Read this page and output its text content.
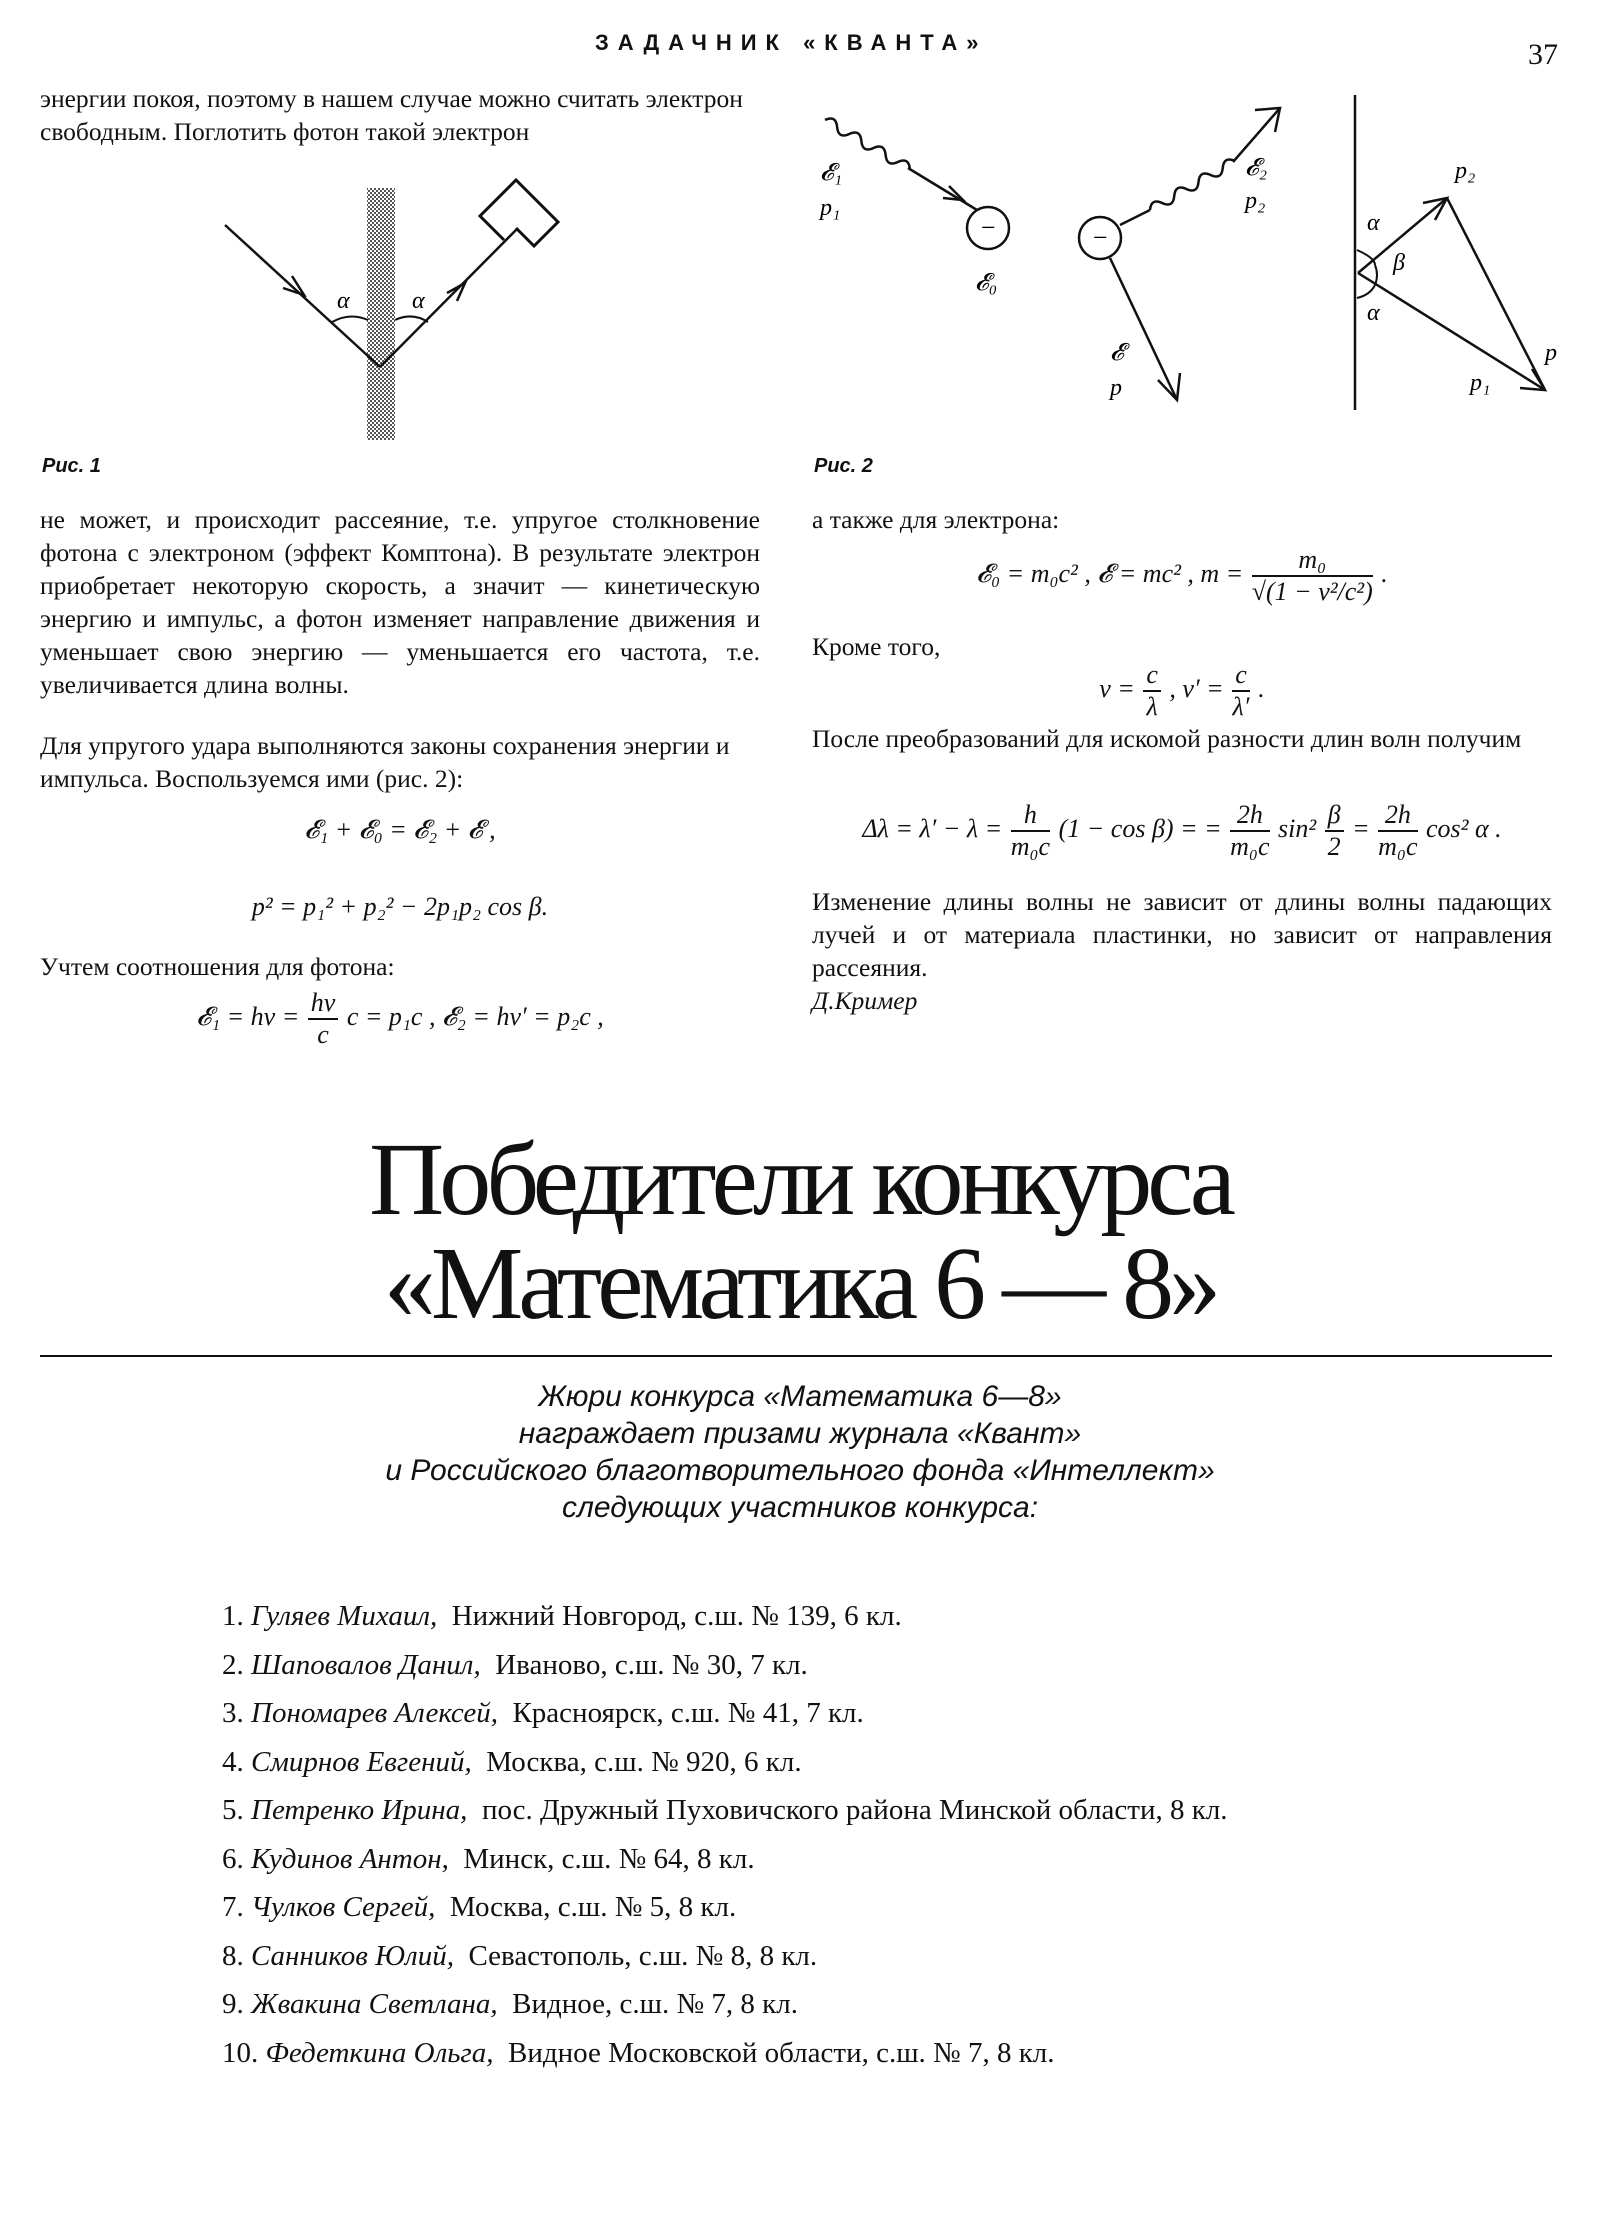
ЗАДАЧНИК «КВАНТА»	37
энергии покоя, поэтому в нашем случае можно считать электрон свободным. Поглотить фотон такой электрон
α	α
Рис. 1
не может, и происходит рассеяние, т.е. упругое столкновение фотона с электроном (эффект Комптона). В результате электрон приобретает некоторую скорость, а значит — кинетическую энергию и импульс, а фотон изменяет направление движения и уменьшает свою энергию — уменьшается его частота, т.е. увеличивается длина волны.
Для упругого удара выполняются законы сохранения энергии и импульса. Воспользуемся ими (рис. 2):
𝓔₁ + 𝓔₀ = 𝓔₂ + 𝓔 ,
p² = p₁² + p₂² − 2p₁p₂ cos β.
Учтем соотношения для фотона:
𝓔₁ = $h\nu = \frac{h\nu}{c}$ c = p₁c , 𝓔₂ = hν′ = p₂c ,
𝓔₁
p₁
−
𝓔₀
−
𝓔
p
𝓔₂
p₂
α
β
α
p₂
p₁
p
Рис. 2
а также для электрона:
𝓔₀ = m₀c² , 𝓔 = mc² , $m = \frac{\text{m₀}}{\text{√(1 − v²/c²)}}$ .
Кроме того,
$\nu = \frac{c}{\lambda}$ , $\nu' = \frac{c}{\lambda'}$ .
После преобразований для искомой разности длин волн получим
$\Delta\lambda = \lambda' - \lambda = \frac{h}{\text{m₀c}} (1 - \cos \beta)$ = = $\frac{2h}{\text{m₀c}} \sin^2 \frac{\beta}{2} = \frac{2h}{\text{m₀c}} \cos^2$ α .
Изменение длины волны не зависит от длины волны падающих лучей и от материала пластинки, но зависит от направления рассеяния.
Д.Кример
Победители конкурса
«Математика 6 — 8»
Жюри конкурса «Математика 6—8»
награждает призами журнала «Квант»
и Российского благотворительного фонда «Интеллект»
следующих участников конкурса:
1. Гуляев Михаил, Нижний Новгород, с.ш. № 139, 6 кл.
2. Шаповалов Данил, Иваново, с.ш. № 30, 7 кл.
3. Пономарев Алексей, Красноярск, с.ш. № 41, 7 кл.
4. Смирнов Евгений, Москва, с.ш. № 920, 6 кл.
5. Петренко Ирина, пос. Дружный Пуховичского района Минской области, 8 кл.
6. Кудинов Антон, Минск, с.ш. № 64, 8 кл.
7. Чулков Сергей, Москва, с.ш. № 5, 8 кл.
8. Санников Юлий, Севастополь, с.ш. № 8, 8 кл.
9. Жвакина Светлана, Видное, с.ш. № 7, 8 кл.
10. Федеткина Ольга, Видное Московской области, с.ш. № 7, 8 кл.
